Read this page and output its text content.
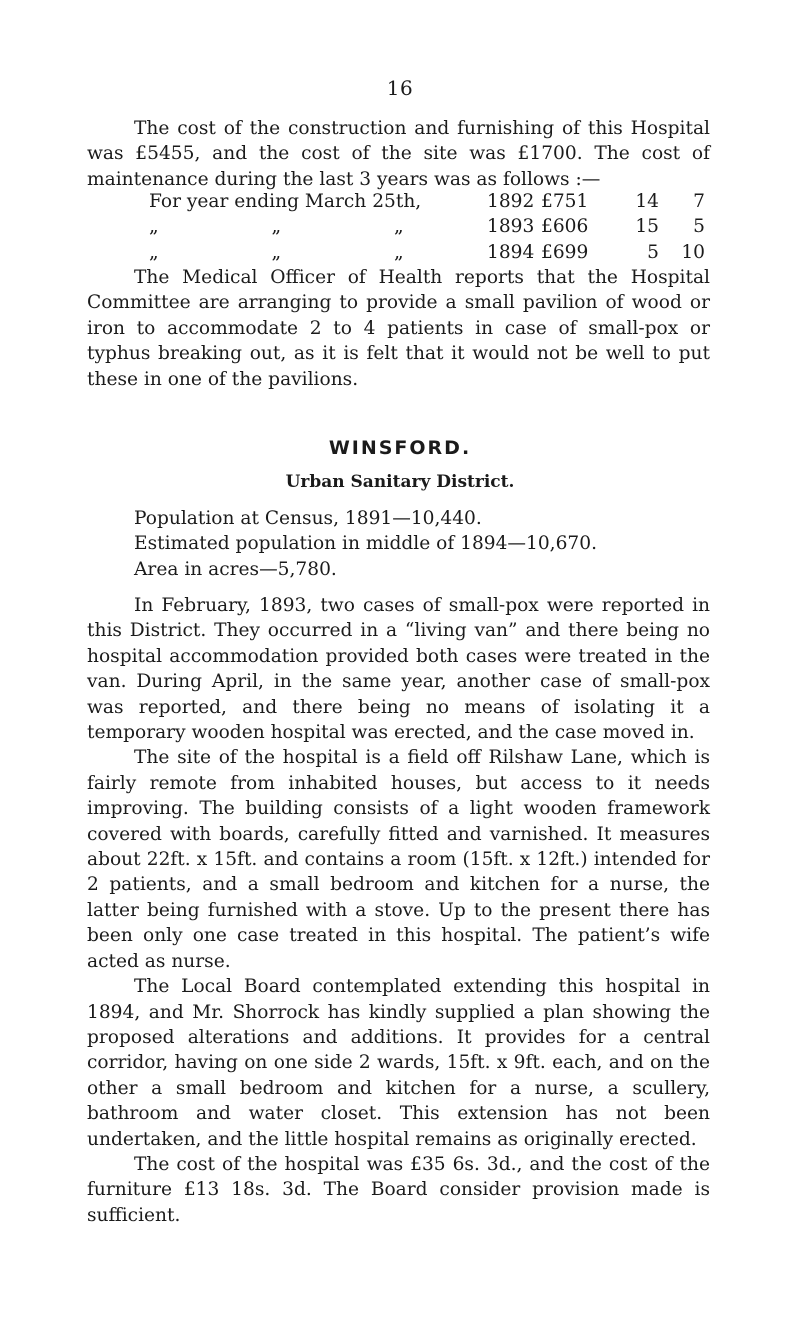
16

The cost of the construction and furnishing of this Hospital was £5455, and the cost of the site was £1700. The cost of maintenance during the last 3 years was as follows :—

For year ending March 25th,	1892 £751	14	7
„	„	„	1893 £606	15	5
„	„	„	1894 £699	5	10

The Medical Officer of Health reports that the Hospital Committee are arranging to provide a small pavilion of wood or iron to accommodate 2 to 4 patients in case of small-pox or typhus breaking out, as it is felt that it would not be well to put these in one of the pavilions.

WINSFORD.
Urban Sanitary District.
Population at Census, 1891—10,440.
Estimated population in middle of 1894—10,670.
Area in acres—5,780.

In February, 1893, two cases of small-pox were reported in this District. They occurred in a “living van” and there being no hospital accommodation provided both cases were treated in the van. During April, in the same year, another case of small-pox was reported, and there being no means of isolating it a temporary wooden hospital was erected, and the case moved in.

The site of the hospital is a field off Rilshaw Lane, which is fairly remote from inhabited houses, but access to it needs improving. The building consists of a light wooden framework covered with boards, carefully fitted and varnished. It measures about 22ft. x 15ft. and contains a room (15ft. x 12ft.) intended for 2 patients, and a small bedroom and kitchen for a nurse, the latter being furnished with a stove. Up to the present there has been only one case treated in this hospital. The patient’s wife acted as nurse.

The Local Board contemplated extending this hospital in 1894, and Mr. Shorrock has kindly supplied a plan showing the proposed alterations and additions. It provides for a central corridor, having on one side 2 wards, 15ft. x 9ft. each, and on the other a small bedroom and kitchen for a nurse, a scullery, bathroom and water closet. This extension has not been undertaken, and the little hospital remains as originally erected.

The cost of the hospital was £35 6s. 3d., and the cost of the furniture £13 18s. 3d. The Board consider provision made is sufficient.
